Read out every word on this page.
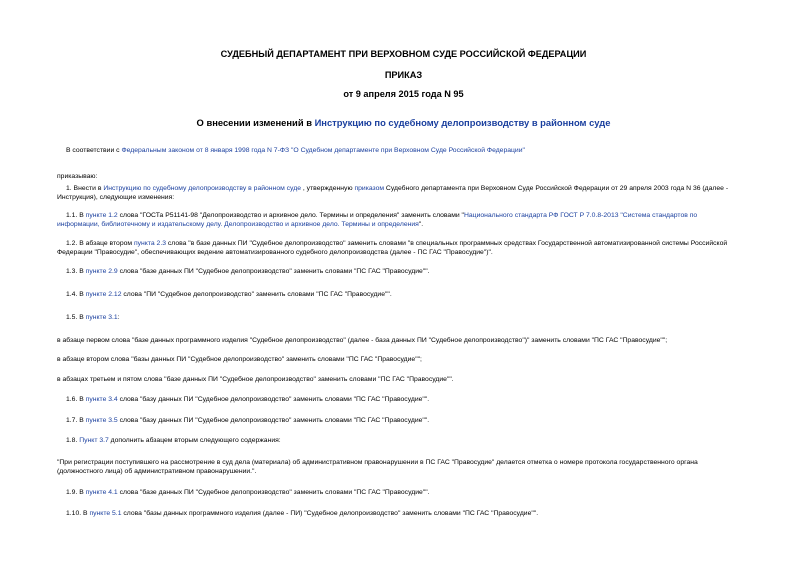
СУДЕБНЫЙ ДЕПАРТАМЕНТ ПРИ ВЕРХОВНОМ СУДЕ РОССИЙСКОЙ ФЕДЕРАЦИИ
ПРИКАЗ
от 9 апреля 2015 года N 95
О внесении изменений в Инструкцию по судебному делопроизводству в районном суде
В соответствии с Федеральным законом от 8 января 1998 года N 7-ФЗ "О Судебном департаменте при Верховном Суде Российской Федерации"
приказываю:
1. Внести в Инструкцию по судебному делопроизводству в районном суде , утвержденную приказом Судебного департамента при Верховном Суде Российской Федерации от 29 апреля 2003 года N 36 (далее -
Инструкция), следующие изменения:
1.1. В пункте 1.2 слова "ГОСТа Р51141-98 "Делопроизводство и архивное дело. Термины и определения" заменить словами "Национального стандарта РФ ГОСТ Р 7.0.8-2013 "Система стандартов по
информации, библиотечному и издательскому делу. Делопроизводство и архивное дело. Термины и определения".
1.2. В абзаце втором пункта 2.3 слова "в базе данных ПИ "Судебное делопроизводство" заменить словами "в специальных программных средствах Государственной автоматизированной системы Российской
Федерации "Правосудие", обеспечивающих ведение автоматизированного судебного делопроизводства (далее - ПС ГАС "Правосудие")".
1.3. В пункте 2.9 слова "базе данных ПИ "Судебное делопроизводство" заменить словами "ПС ГАС "Правосудие"".
1.4. В пункте 2.12 слова "ПИ "Судебное делопроизводство" заменить словами "ПС ГАС "Правосудие"".
1.5. В пункте 3.1:
в абзаце первом слова "базе данных программного изделия "Судебное делопроизводство" (далее - база данных ПИ "Судебное делопроизводство")" заменить словами "ПС ГАС "Правосудие"";
в абзаце втором слова "базы данных ПИ "Судебное делопроизводство" заменить словами "ПС ГАС "Правосудие"";
в абзацах третьем и пятом слова "базе данных ПИ "Судебное делопроизводство" заменить словами "ПС ГАС "Правосудие"".
1.6. В пункте 3.4 слова "базу данных ПИ "Судебное делопроизводство" заменить словами "ПС ГАС "Правосудие"".
1.7. В пункте 3.5 слова "базу данных ПИ "Судебное делопроизводство" заменить словами "ПС ГАС "Правосудие"".
1.8. Пункт 3.7 дополнить абзацем вторым следующего содержания:
"При регистрации поступившего на рассмотрение в суд дела (материала) об административном правонарушении в ПС ГАС "Правосудие" делается отметка о номере протокола государственного органа
(должностного лица) об административном правонарушении.".
1.9. В пункте 4.1 слова "базе данных ПИ "Судебное делопроизводство" заменить словами "ПС ГАС "Правосудие"".
1.10. В пункте 5.1 слова "базы данных программного изделия (далее - ПИ) "Судебное делопроизводство" заменить словами "ПС ГАС "Правосудие"".
